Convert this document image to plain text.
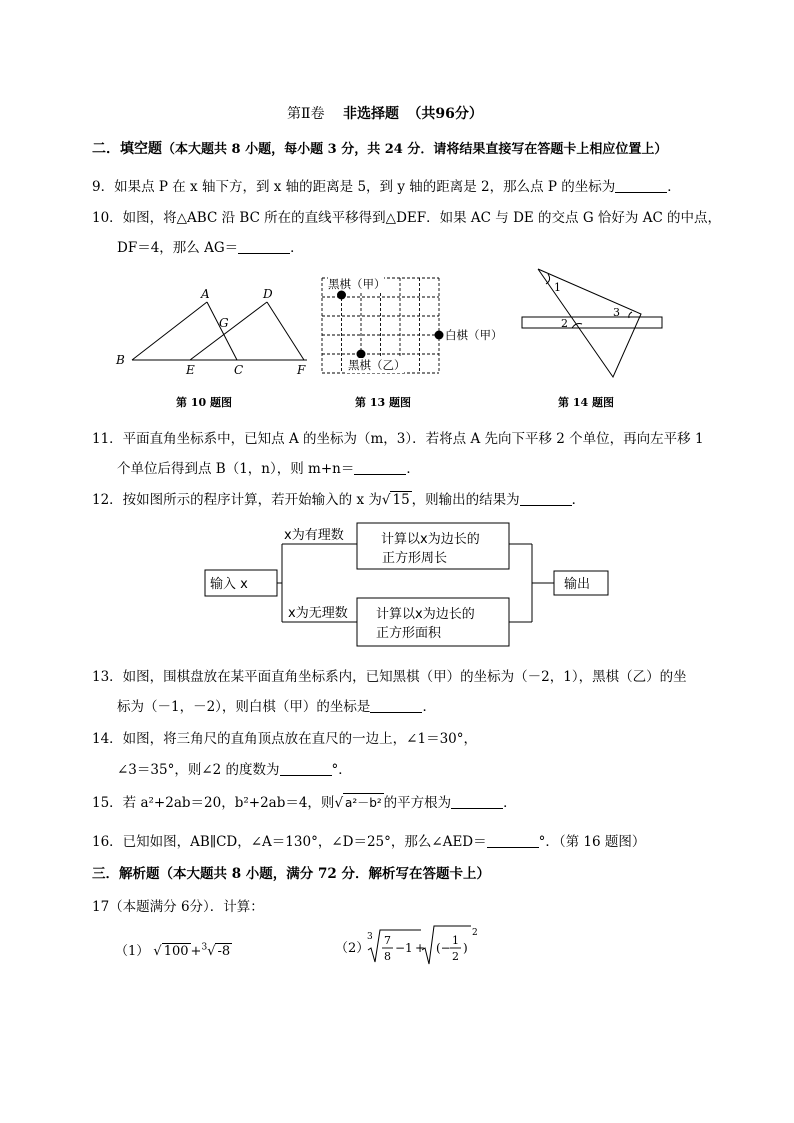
第Ⅱ卷 非选择题 （共96分）
二．填空题（本大题共 8 小题，每小题 3 分，共 24 分．请将结果直接写在答题卡上相应位置上）
9．如果点 P 在 x 轴下方，到 x 轴的距离是 5，到 y 轴的距离是 2，那么点 P 的坐标为	．
10．如图，将△ABC 沿 BC 所在的直线平移得到△DEF．如果 AC 与 DE 的交点 G 恰好为 AC 的中点，
DF＝4，那么 AG＝	．
A	D
G
B
E	C	F
第 10 题图
黑棋（甲）
白棋（甲）
黑棋（乙）
第 13 题图
1
2
3
第 14 题图
11．平面直角坐标系中，已知点 A 的坐标为（m，3）．若将点 A 先向下平移 2 个单位，再向左平移 1
个单位后得到点 B（1，n），则 m+n＝	．
12．按如图所示的程序计算，若开始输入的 x 为 √ 15 ，则输出的结果为	．
输入 x
x为有理数
x为无理数
计算以x为边长的
正方形周长
计算以x为边长的
正方形面积
输出
13．如图，围棋盘放在某平面直角坐标系内，已知黑棋（甲）的坐标为（－2，1），黑棋（乙）的坐
标为（－1，－2），则白棋（甲）的坐标是	．
14．如图，将三角尺的直角顶点放在直尺的一边上，∠1＝30°，
∠3＝35°，则∠2 的度数为	°．
15．若 a²+2ab＝20，b²+2ab＝4，则 √ a²－b² 的平方根为	．
16．已知如图，AB∥CD，∠A＝130°，∠D＝25°，那么∠AED＝	°．（第 16 题图）
三．解析题（本大题共 8 小题，满分 72 分．解析写在答题卡上）
17（本题满分 6分）．计算：
（1） √ 100 +$^3$ √ -8	（2）
3 7
8
−1 + (−
1
2
)
2
